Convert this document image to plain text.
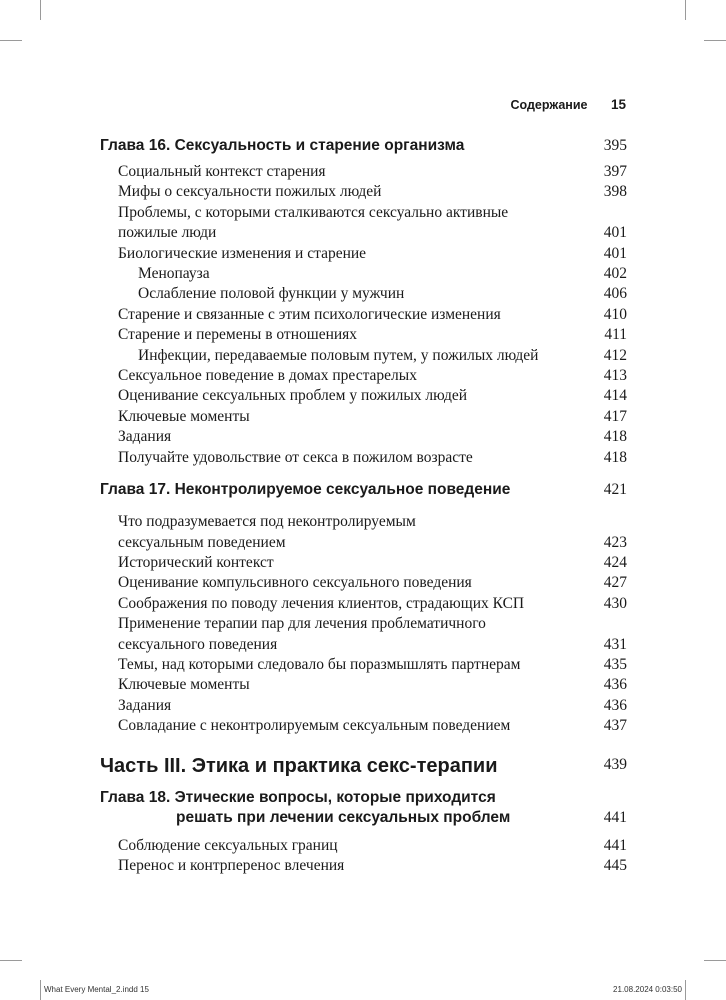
Содержание 15
Глава 16. Сексуальность и старение организма	395
Социальный контекст старения	397
Мифы о сексуальности пожилых людей	398
Проблемы, с которыми сталкиваются сексуально активные
пожилые люди	401
Биологические изменения и старение	401
Менопауза	402
Ослабление половой функции у мужчин	406
Старение и связанные с этим психологические изменения	410
Старение и перемены в отношениях	411
Инфекции, передаваемые половым путем, у пожилых людей	412
Сексуальное поведение в домах престарелых	413
Оценивание сексуальных проблем у пожилых людей	414
Ключевые моменты	417
Задания	418
Получайте удовольствие от секса в пожилом возрасте	418
Глава 17. Неконтролируемое сексуальное поведение	421
Что подразумевается под неконтролируемым
сексуальным поведением	423
Исторический контекст	424
Оценивание компульсивного сексуального поведения	427
Соображения по поводу лечения клиентов, страдающих КСП	430
Применение терапии пар для лечения проблематичного
сексуального поведения	431
Темы, над которыми следовало бы поразмышлять партнерам	435
Ключевые моменты	436
Задания	436
Совладание с неконтролируемым сексуальным поведением	437
Часть III. Этика и практика секс-терапии	439
Глава 18. Этические вопросы, которые приходится
решать при лечении сексуальных проблем	441
Соблюдение сексуальных границ	441
Перенос и контрперенос влечения	445
What Every Mental_2.indd 15	21.08.2024 0:03:50
